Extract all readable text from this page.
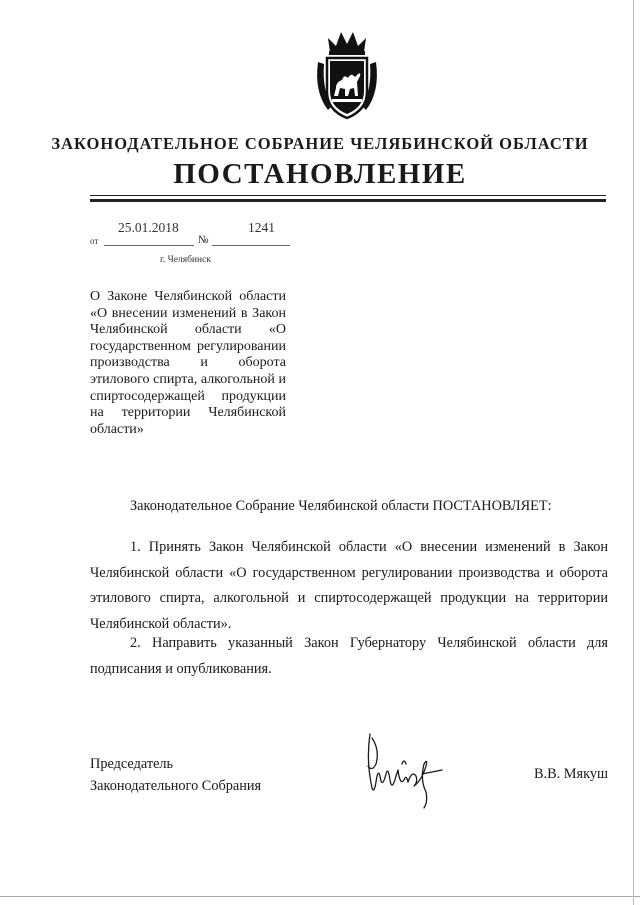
ЗАКОНОДАТЕЛЬНОЕ СОБРАНИЕ ЧЕЛЯБИНСКОЙ ОБЛАСТИ
ПОСТАНОВЛЕНИЕ
25.01.2018	1241
от	№
г. Челябинск

О Законе Челябинской области «О внесении изменений в Закон Челябинской области «О государственном регулировании производства и оборота этилового спирта, алкогольной и спиртосодержащей продукции на территории Челябинской области»

Законодательное Собрание Челябинской области ПОСТАНОВЛЯЕТ:

1. Принять Закон Челябинской области «О внесении изменений в Закон Челябинской области «О государственном регулировании производства и оборота этилового спирта, алкогольной и спиртосодержащей продукции на территории Челябинской области».

2. Направить указанный Закон Губернатору Челябинской области для подписания и опубликования.

Председатель
Законодательного Собрания
В.В. Мякуш
